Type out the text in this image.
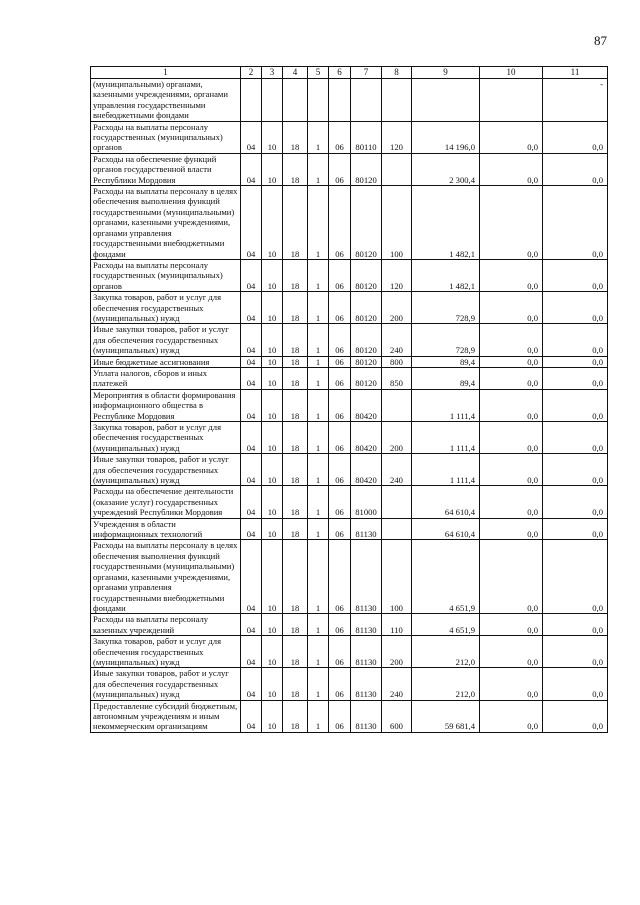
87
1	2	3	4	5	6	7	8	9	10	11
(муниципальными) органами, казенными учреждениями, органами управления государственными внебюджетными фондами										-
Расходы на выплаты персоналу государственных (муниципальных) органов	04	10	18	1	06	80110	120	14 196,0	0,0	0,0
Расходы на обеспечение функций органов государственной власти Республики Мордовия	04	10	18	1	06	80120		2 300,4	0,0	0,0
Расходы на выплаты персоналу в целях обеспечения выполнения функций государственными (муниципальными) органами, казенными учреждениями, органами управления государственными внебюджетными фондами	04	10	18	1	06	80120	100	1 482,1	0,0	0,0
Расходы на выплаты персоналу государственных (муниципальных) органов	04	10	18	1	06	80120	120	1 482,1	0,0	0,0
Закупка товаров, работ и услуг для обеспечения государственных (муниципальных) нужд	04	10	18	1	06	80120	200	728,9	0,0	0,0
Иные закупки товаров, работ и услуг для обеспечения государственных (муниципальных) нужд	04	10	18	1	06	80120	240	728,9	0,0	0,0
Иные бюджетные ассигнования	04	10	18	1	06	80120	800	89,4	0,0	0,0
Уплата налогов, сборов и иных платежей	04	10	18	1	06	80120	850	89,4	0,0	0,0
Мероприятия в области формирования информационного общества в Республике Мордовия	04	10	18	1	06	80420		1 111,4	0,0	0,0
Закупка товаров, работ и услуг для обеспечения государственных (муниципальных) нужд	04	10	18	1	06	80420	200	1 111,4	0,0	0,0
Иные закупки товаров, работ и услуг для обеспечения государственных (муниципальных) нужд	04	10	18	1	06	80420	240	1 111,4	0,0	0,0
Расходы на обеспечение деятельности (оказание услуг) государственных учреждений Республики Мордовия	04	10	18	1	06	81000		64 610,4	0,0	0,0
Учреждения в области информационных технологий	04	10	18	1	06	81130		64 610,4	0,0	0,0
Расходы на выплаты персоналу в целях обеспечения выполнения функций государственными (муниципальными) органами, казенными учреждениями, органами управления государственными внебюджетными фондами	04	10	18	1	06	81130	100	4 651,9	0,0	0,0
Расходы на выплаты персоналу казенных учреждений	04	10	18	1	06	81130	110	4 651,9	0,0	0,0
Закупка товаров, работ и услуг для обеспечения государственных (муниципальных) нужд	04	10	18	1	06	81130	200	212,0	0,0	0,0
Иные закупки товаров, работ и услуг для обеспечения государственных (муниципальных) нужд	04	10	18	1	06	81130	240	212,0	0,0	0,0
Предоставление субсидий бюджетным, автономным учреждениям и иным некоммерческим организациям	04	10	18	1	06	81130	600	59 681,4	0,0	0,0
